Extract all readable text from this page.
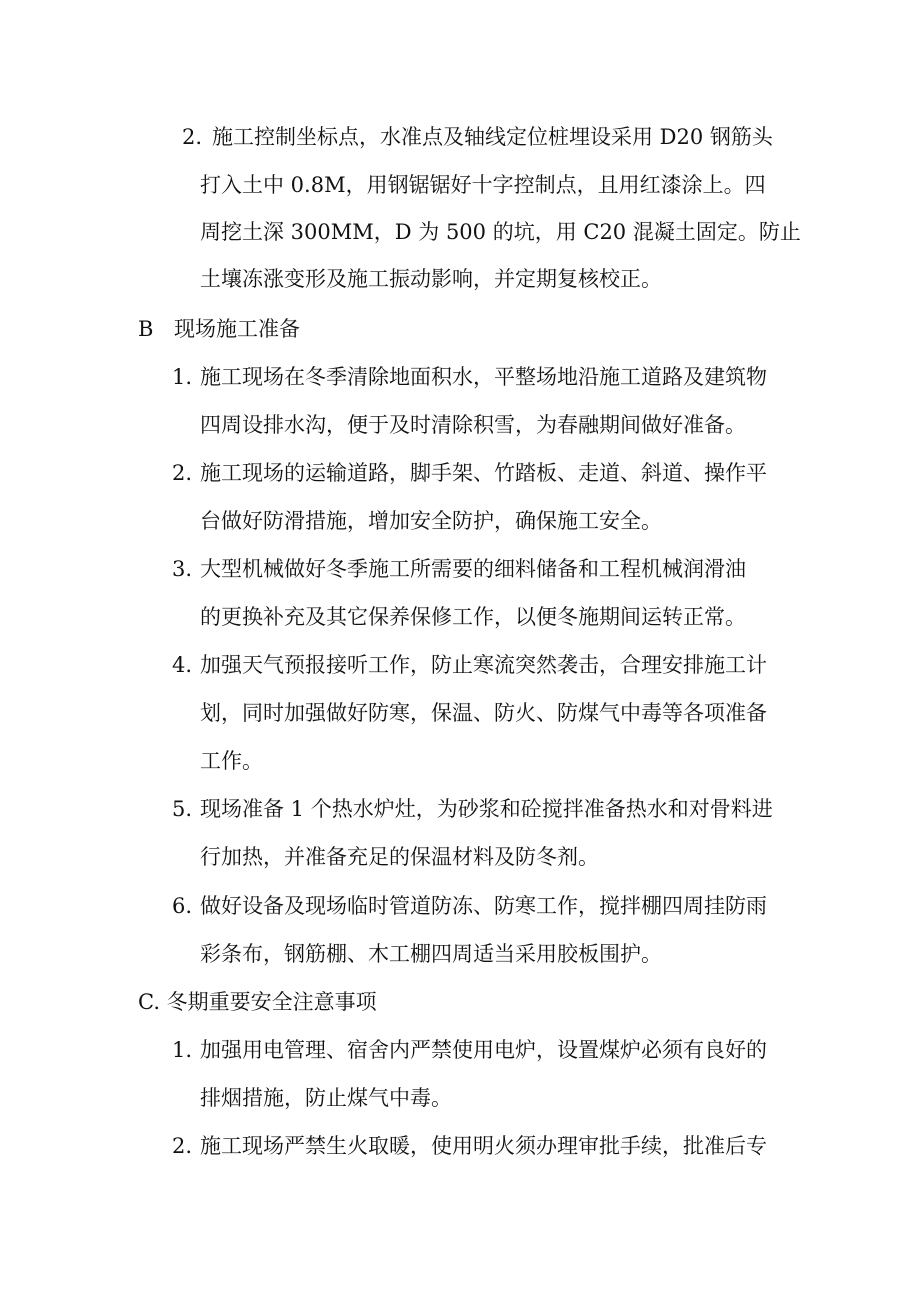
2. 施工控制坐标点，水准点及轴线定位桩埋设采用 D20 钢筋头
打入土中 0.8M，用钢锯锯好十字控制点，且用红漆涂上。四
周挖土深 300MM，D 为 500 的坑，用 C20 混凝土固定。防止
土壤冻涨变形及施工振动影响，并定期复核校正。
B 现场施工准备
1. 施工现场在冬季清除地面积水，平整场地沿施工道路及建筑物
四周设排水沟，便于及时清除积雪，为春融期间做好准备。
2. 施工现场的运输道路，脚手架、竹踏板、走道、斜道、操作平
台做好防滑措施，增加安全防护，确保施工安全。
3. 大型机械做好冬季施工所需要的细料储备和工程机械润滑油
的更换补充及其它保养保修工作，以便冬施期间运转正常。
4. 加强天气预报接听工作，防止寒流突然袭击，合理安排施工计
划，同时加强做好防寒，保温、防火、防煤气中毒等各项准备
工作。
5. 现场准备 1 个热水炉灶，为砂浆和砼搅拌准备热水和对骨料进
行加热，并准备充足的保温材料及防冬剂。
6. 做好设备及现场临时管道防冻、防寒工作，搅拌棚四周挂防雨
彩条布，钢筋棚、木工棚四周适当采用胶板围护。
C. 冬期重要安全注意事项
1. 加强用电管理、宿舍内严禁使用电炉，设置煤炉必须有良好的
排烟措施，防止煤气中毒。
2. 施工现场严禁生火取暖，使用明火须办理审批手续，批准后专
